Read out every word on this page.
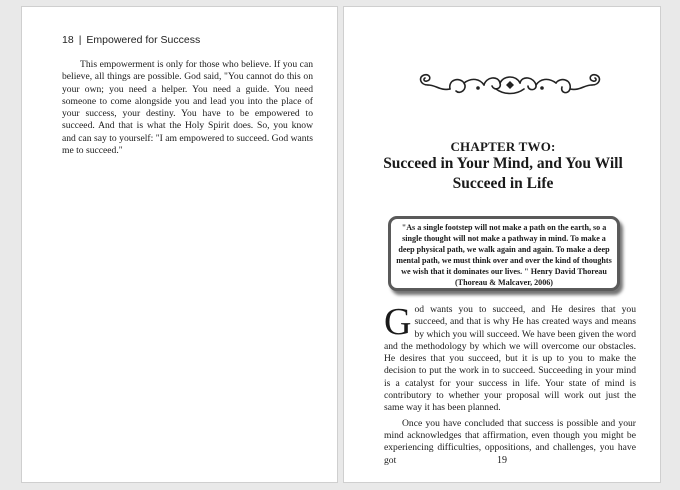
18 | Empowered for Success

This empowerment is only for those who believe. If you can believe, all things are possible. God said, "You cannot do this on your own; you need a helper. You need a guide. You need someone to come alongside you and lead you into the place of your success, your destiny. You have to be empowered to succeed. And that is what the Holy Spirit does. So, you know and can say to yourself: "I am empowered to succeed. God wants me to succeed."	CHAPTER TWO:
Succeed in Your Mind, and You Will Succeed in Life

"As a single footstep will not make a path on the earth, so a single thought will not make a pathway in mind. To make a deep physical path, we walk again and again. To make a deep mental path, we must think over and over the kind of thoughts we wish that it dominates our lives. " Henry David Thoreau

(Thoreau & Malcaver, 2006)

God wants you to succeed, and He desires that you succeed, and that is why He has created ways and means by which you will succeed. We have been given the word and the methodology by which we will overcome our obstacles. He desires that you succeed, but it is up to you to make the decision to put the work in to succeed. Succeeding in your mind is a catalyst for your success in life. Your state of mind is contributory to whether your proposal will work out just the same way it has been planned.

Once you have concluded that success is possible and your mind acknowledges that affirmation, even though you might be experiencing difficulties, oppositions, and challenges, you have got	19
